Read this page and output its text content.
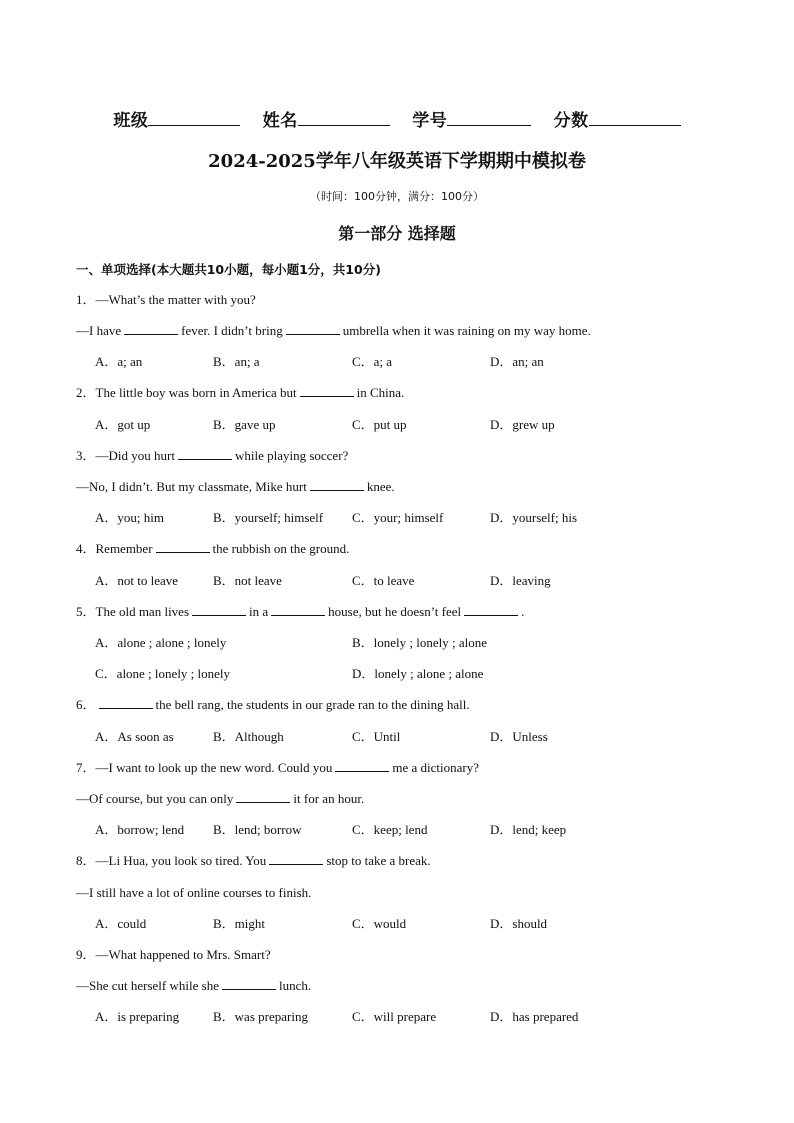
班级	姓名	学号	分数
2024-2025学年八年级英语下学期期中模拟卷
（时间：100分钟，满分：100分）
第一部分 选择题
一、单项选择(本大题共10小题，每小题1分，共10分)
1．—What’s the matter with you?
—I have	fever. I didn’t bring	umbrella when it was raining on my way home.
A．a; an	B．an; a	C．a; a	D．an; an
2．The little boy was born in America but	in China.
A．got up	B．gave up	C．put up	D．grew up
3．—Did you hurt	while playing soccer?
—No, I didn’t. But my classmate, Mike hurt	knee.
A．you; him	B．yourself; himself C．your; himself	D．yourself; his
4．Remember	the rubbish on the ground.
A．not to leave	B．not leave	C．to leave	D．leaving
5．The old man lives	in a	house, but he doesn’t feel	.
A．alone ; alone ; lonely	B．lonely ; lonely ; alone
C．alone ; lonely ; lonely	D．lonely ; alone ; alone
6．	the bell rang, the students in our grade ran to the dining hall.
A．As soon as	B．Although	C．Until	D．Unless
7．—I want to look up the new word. Could you	me a dictionary?
—Of course, but you can only	it for an hour.
A．borrow; lend B．lend; borrow	C．keep; lend	D．lend; keep
8．—Li Hua, you look so tired. You	stop to take a break.
—I still have a lot of online courses to finish.
A．could	B．might	C．would	D．should
9．—What happened to Mrs. Smart?
—She cut herself while she	lunch.
A．is preparing	B．was preparing	C．will prepare	D．has prepared
